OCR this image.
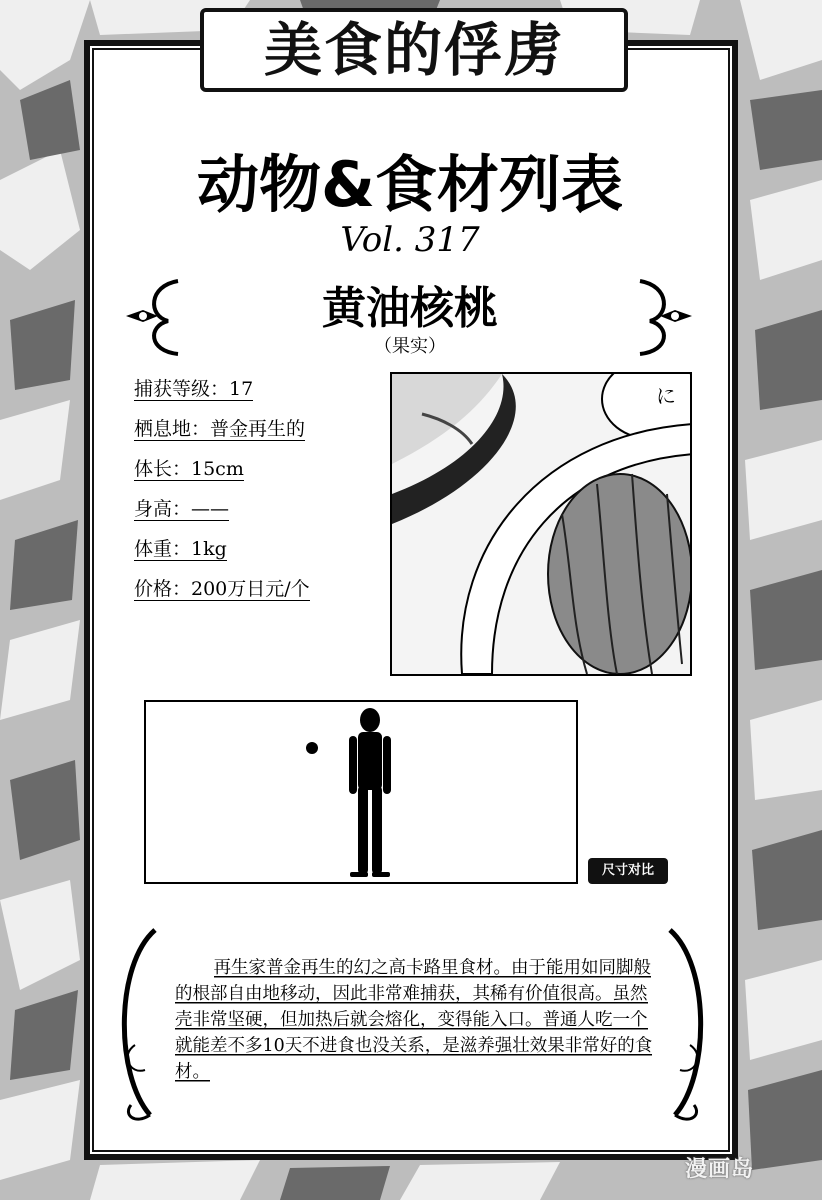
美食的俘虏
动物&食材列表
Vol. 317
黄油核桃
（果实）
捕获等级：17
栖息地：普金再生的
体长：15cm
身高：——
体重：1kg
价格：200万日元/个
に
尺寸对比

再生家普金再生的幻之高卡路里食材。由于能用如同脚般的根部自由地移动，因此非常难捕获，其稀有价值很高。虽然壳非常坚硬，但加热后就会熔化，变得能入口。普通人吃一个就能差不多10天不进食也没关系，是滋养强壮效果非常好的食材。

漫画岛
